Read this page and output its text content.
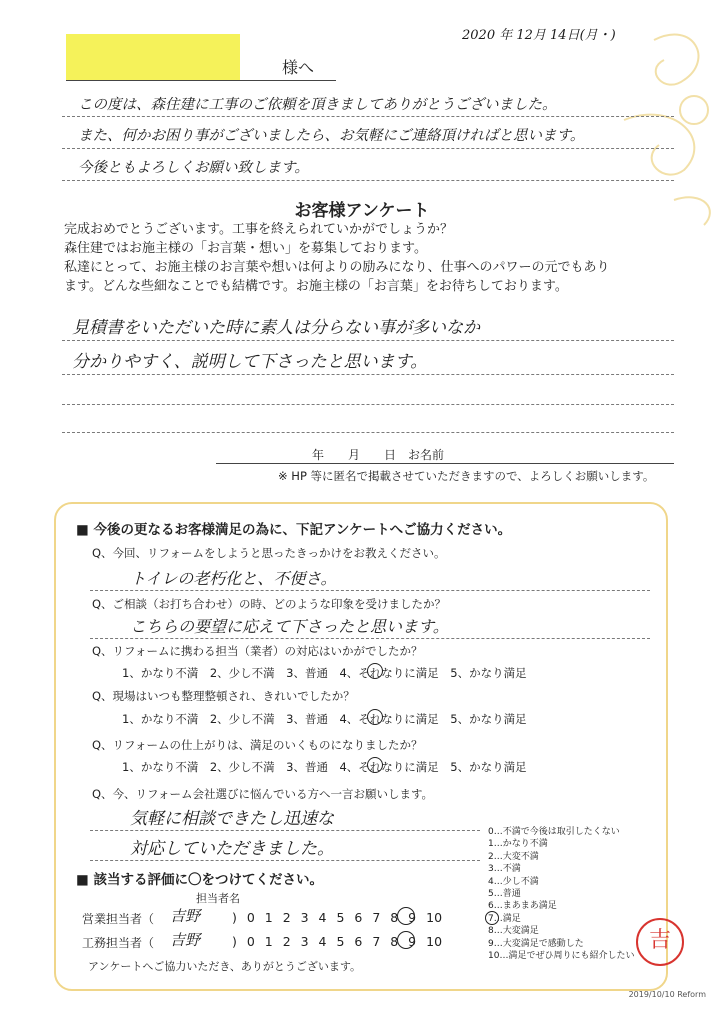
2020 年 12月 14日(月・)
様へ
この度は、森住建に工事のご依頼を頂きましてありがとうございました。
また、何かお困り事がございましたら、お気軽にご連絡頂ければと思います。
今後ともよろしくお願い致します。
お客様アンケート
完成おめでとうございます。工事を終えられていかがでしょうか？
森住建ではお施主様の「お言葉・想い」を募集しております。
私達にとって、お施主様のお言葉や想いは何よりの励みになり、仕事へのパワーの元でもあり
ます。どんな些細なことでも結構です。お施主様の「お言葉」をお待ちしております。
見積書をいただいた時に素人は分らない事が多いなか
分かりやすく、説明して下さったと思います。
年　　月　　日　お名前
※ HP 等に匿名で掲載させていただきますので、よろしくお願いします。
■ 今後の更なるお客様満足の為に、下記アンケートへご協力ください。
Q、今回、リフォームをしようと思ったきっかけをお教えください。
トイレの老朽化と、不便さ。
Q、ご相談（お打ち合わせ）の時、どのような印象を受けましたか？
こちらの要望に応えて下さったと思います。
Q、リフォームに携わる担当（業者）の対応はいかがでしたか？
1、かなり不満　2、少し不満　3、普通　4、それなりに満足　5、かなり満足
Q、現場はいつも整理整頓され、きれいでしたか？
1、かなり不満　2、少し不満　3、普通　4、それなりに満足　5、かなり満足
Q、リフォームの仕上がりは、満足のいくものになりましたか？
1、かなり不満　2、少し不満　3、普通　4、それなりに満足　5、かなり満足
Q、今、リフォーム会社選びに悩んでいる方へ一言お願いします。
気軽に相談できたし迅速な
対応していただきました。
■ 該当する評価に〇をつけてください。
担当者名
営業担当者（ 吉野	) 0 1 2 3 4 5 6 7 8 9 10
工務担当者（ 吉野	) 0 1 2 3 4 5 6 7 8 9 10
アンケートへご協力いただき、ありがとうございます。
0…不満で今後は取引したくない
1…かなり不満
2…大変不満
3…不満
4…少し不満
5…普通
6…まあまあ満足
7…満足
8…大変満足
9…大変満足で感動した
10…満足でぜひ周りにも紹介したい
吉
2019/10/10 Reform
